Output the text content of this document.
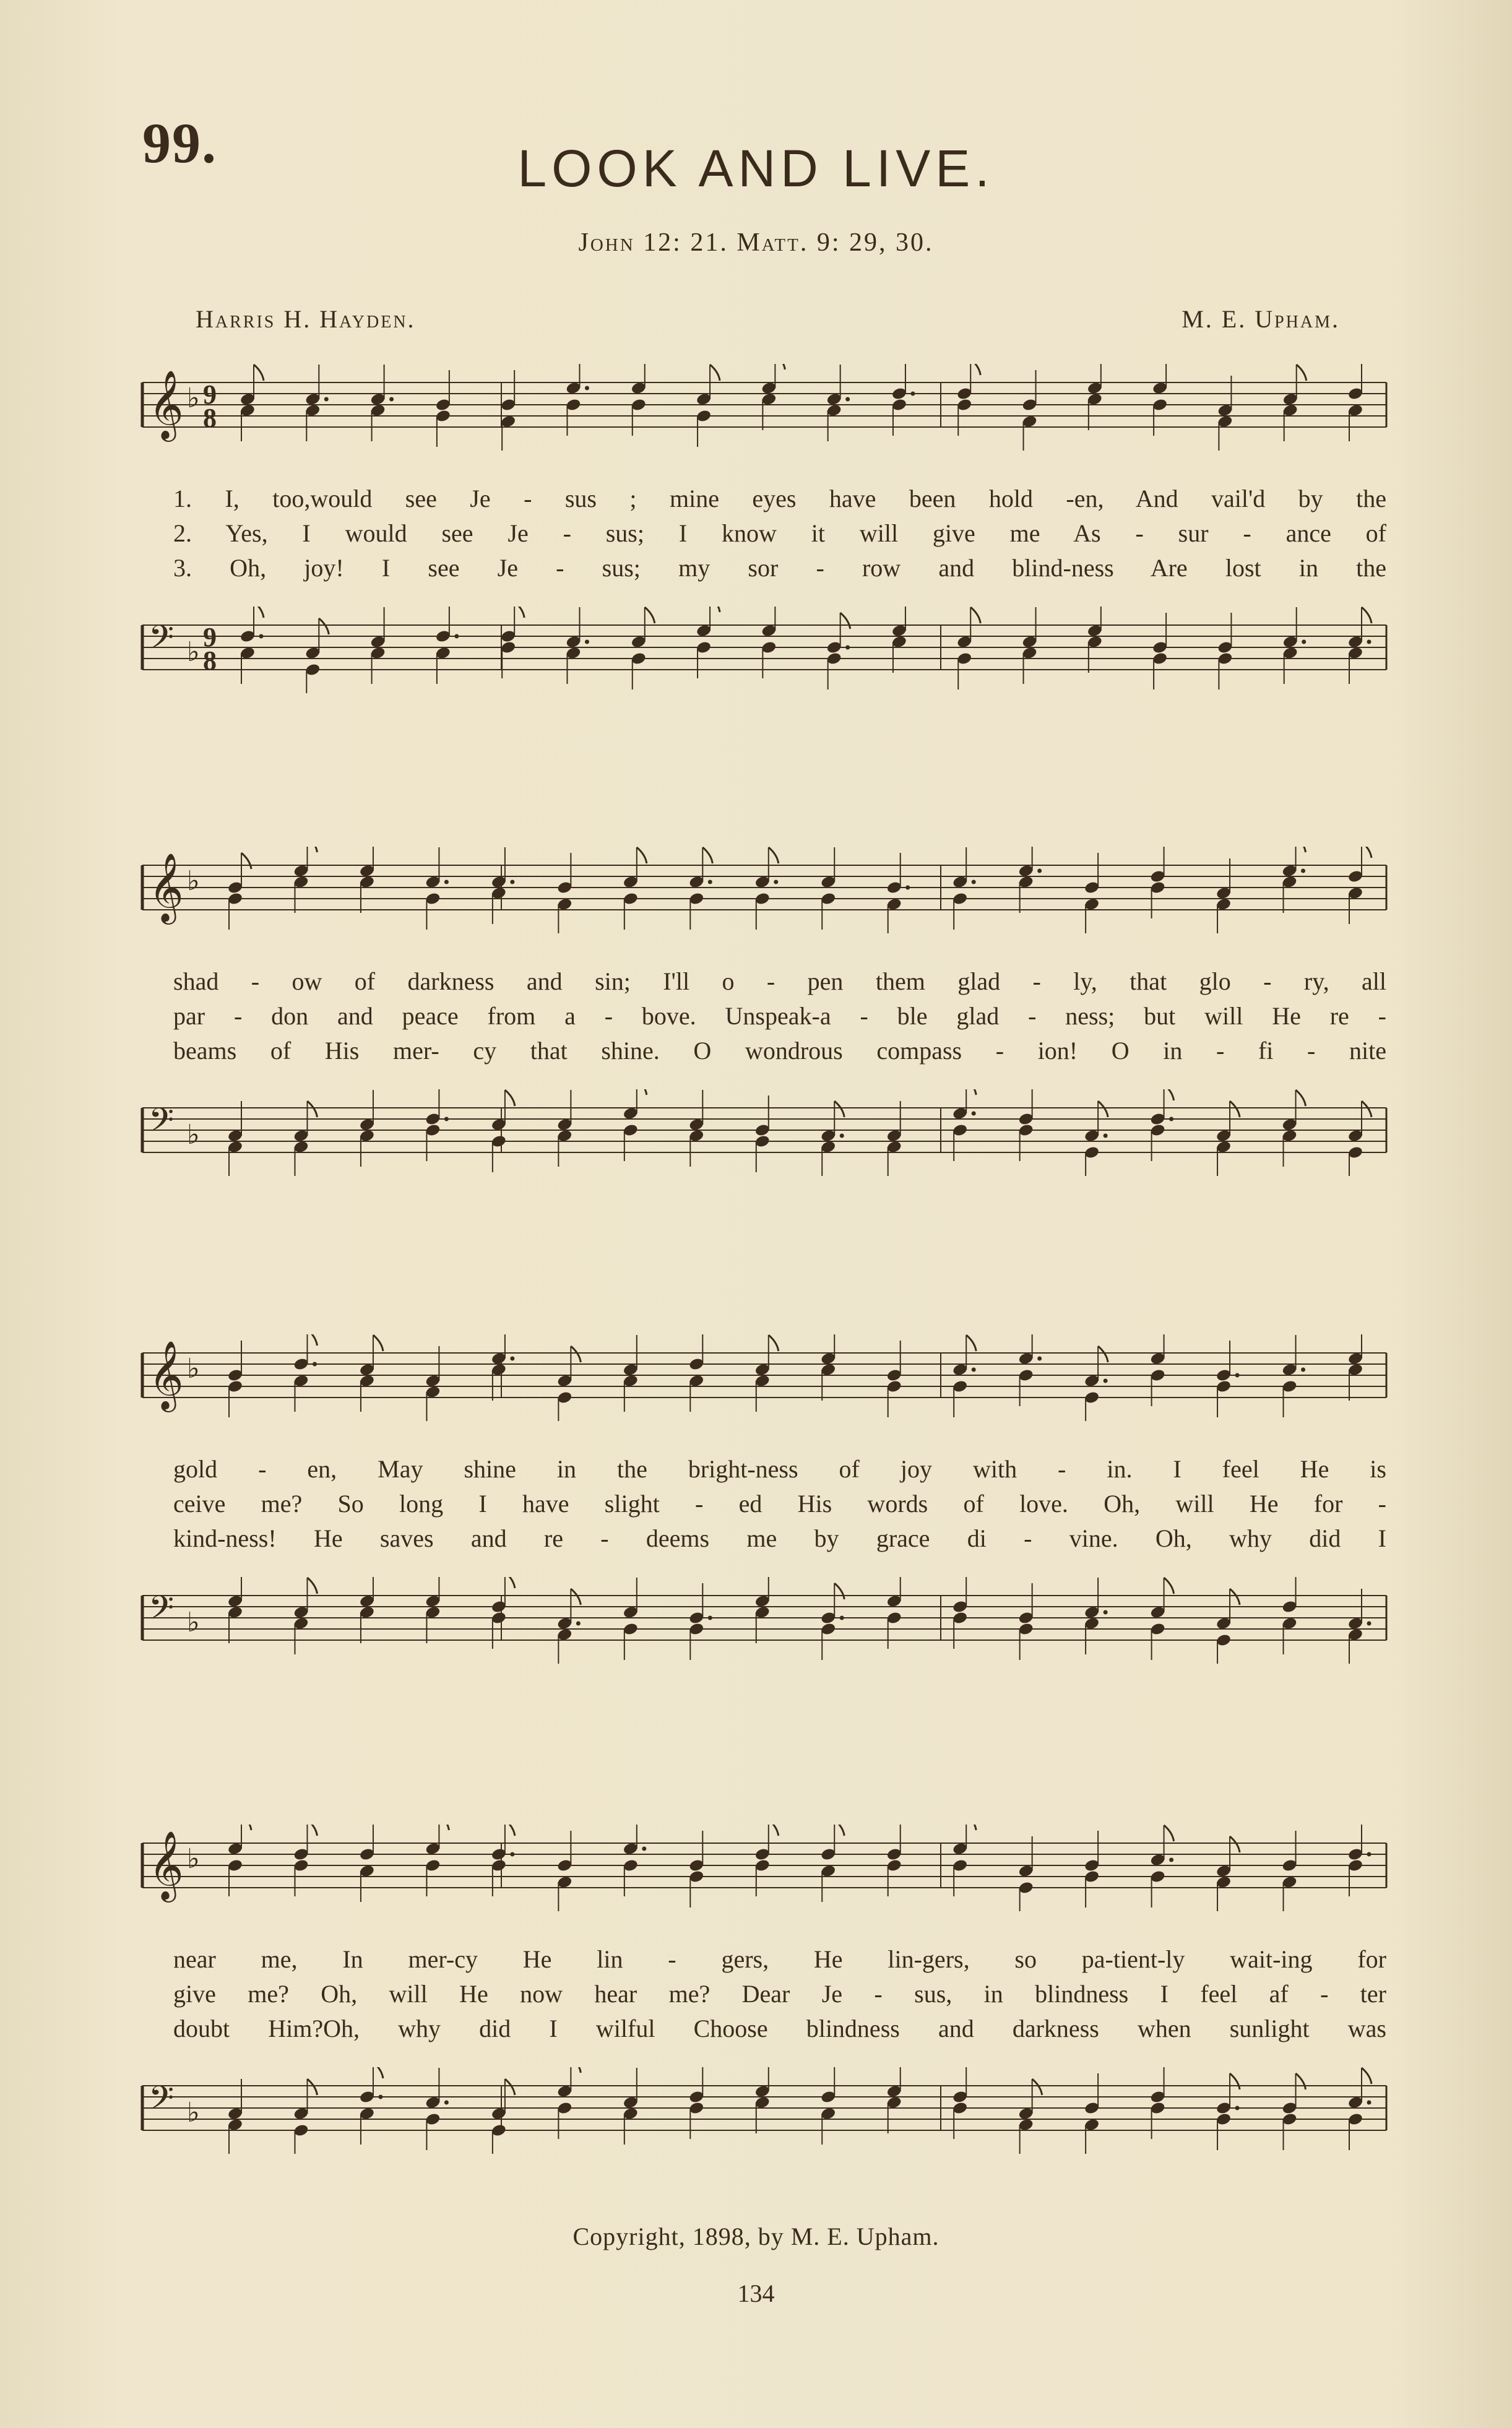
99.	LOOK AND LIVE.
John 12: 21. Matt. 9: 29, 30.
Harris H. Hayden.	M. E. Upham.
𝄞 ♭ 9
8
1. I, too,would see Je - sus ; mine eyes have been hold -en, And vail'd by the
2. Yes, I would see Je - sus; I know it will give me As - sur - ance of
3. Oh, joy! I see Je - sus; my sor - row and blind-ness Are lost in the
𝄢 ♭ 9
8
𝄞 ♭
shad - ow of darkness and sin; I'll o - pen them glad - ly, that glo - ry, all
par - don and peace from a - bove. Unspeak-a - ble glad - ness; but will He re -
beams of His mer- cy that shine. O wondrous compass - ion! O in - fi - nite
𝄢 ♭
𝄞 ♭
gold - en, May shine in the bright-ness of joy with - in. I feel He is
ceive me? So long I have slight - ed His words of love. Oh, will He for -
kind-ness! He saves and re - deems me by grace di - vine. Oh, why did I
𝄢 ♭
𝄞 ♭
near me, In mer-cy He lin - gers, He lin-gers, so pa-tient-ly wait-ing for
give me? Oh, will He now hear me? Dear Je - sus, in blindness I feel af - ter
doubt Him?Oh, why did I wilful Choose blindness and darkness when sunlight was
𝄢 ♭
Copyright, 1898, by M. E. Upham.
134
